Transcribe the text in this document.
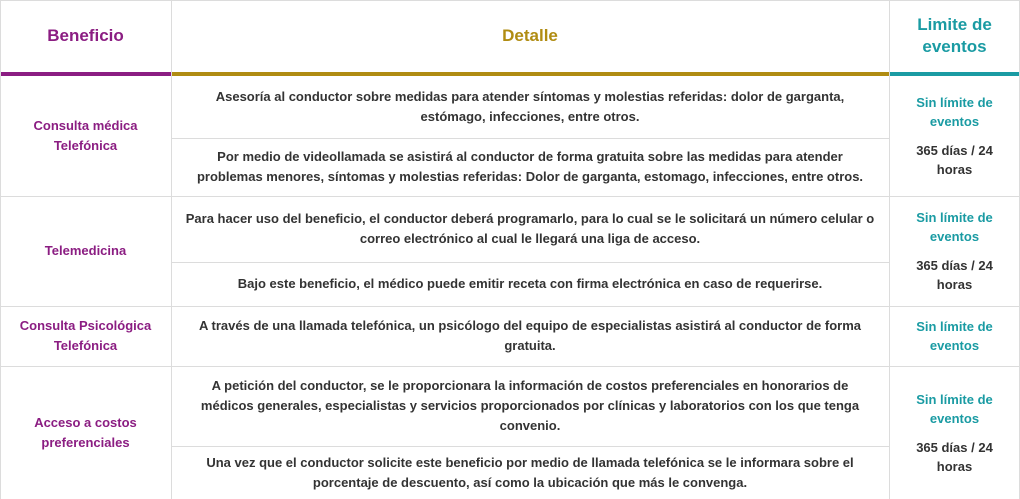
Beneficio	Detalle
Limite de eventos
Consulta médica Telefónica
Asesoría al conductor sobre medidas para atender síntomas y molestias referidas: dolor de garganta, estómago, infecciones, entre otros.
Por medio de videollamada se asistirá al conductor de forma gratuita sobre las medidas para atender problemas menores, síntomas y molestias referidas: Dolor de garganta, estomago, infecciones, entre otros.
Sin límite de eventos
365 días / 24 horas
Telemedicina
Para hacer uso del beneficio, el conductor deberá programarlo, para lo cual se le solicitará un número celular o correo electrónico al cual le llegará una liga de acceso.
Bajo este beneficio, el médico puede emitir receta con firma electrónica en caso de requerirse.
Sin límite de eventos
365 días / 24 horas
Consulta Psicológica Telefónica
A través de una llamada telefónica, un psicólogo del equipo de especialistas asistirá al conductor de forma gratuita.
Sin límite de eventos
Acceso a costos preferenciales
A petición del conductor, se le proporcionara la información de costos preferenciales en honorarios de médicos generales, especialistas y servicios proporcionados por clínicas y laboratorios con los que tenga convenio.
Una vez que el conductor solicite este beneficio por medio de llamada telefónica se le informara sobre el porcentaje de descuento, así como la ubicación que más le convenga.
Sin límite de eventos
365 días / 24 horas
